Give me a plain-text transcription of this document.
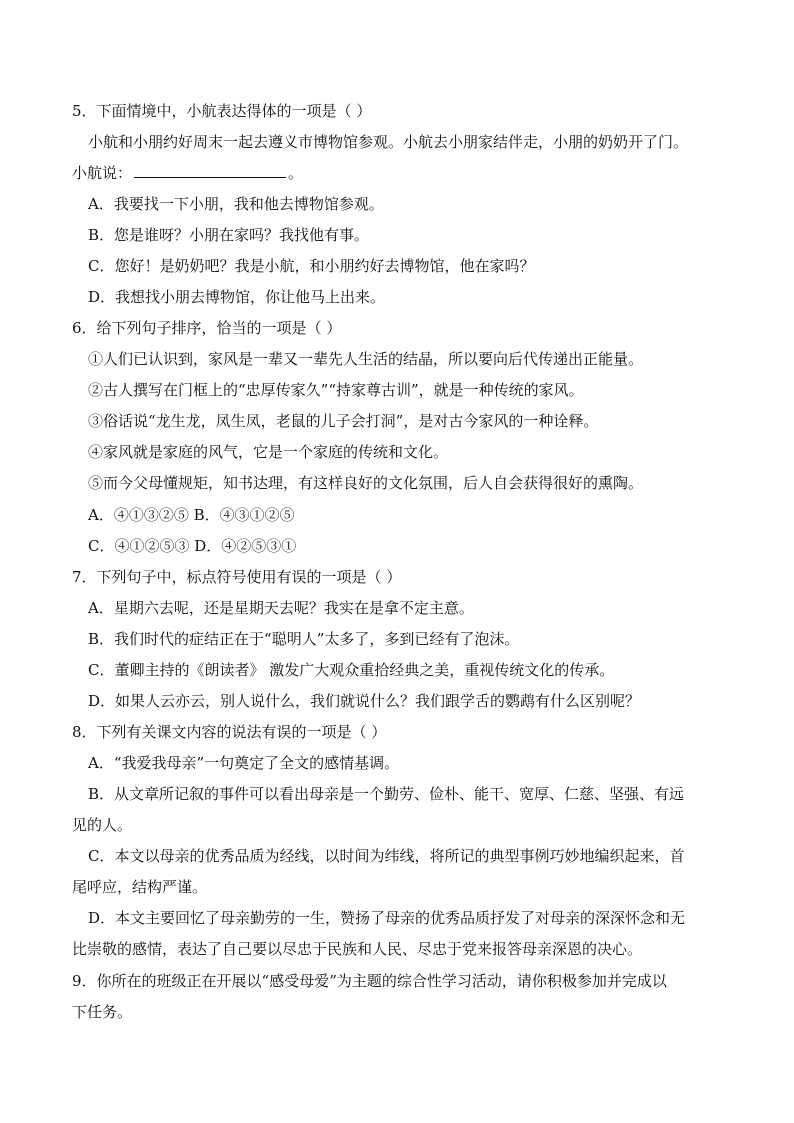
5．下面情境中，小航表达得体的一项是（ ）
小航和小朋约好周末一起去遵义市博物馆参观。小航去小朋家结伴走，小朋的奶奶开了门。
小航说：	。
A．我要找一下小朋，我和他去博物馆参观。
B．您是谁呀？小朋在家吗？我找他有事。
C．您好！是奶奶吧？我是小航，和小朋约好去博物馆，他在家吗？
D．我想找小朋去博物馆，你让他马上出来。
6．给下列句子排序，恰当的一项是（ ）
①人们已认识到，家风是一辈又一辈先人生活的结晶，所以要向后代传递出正能量。
②古人撰写在门框上的“忠厚传家久”“持家尊古训”，就是一种传统的家风。
③俗话说“龙生龙，凤生凤，老鼠的儿子会打洞”，是对古今家风的一种诠释。
④家风就是家庭的风气，它是一个家庭的传统和文化。
⑤而今父母懂规矩，知书达理，有这样良好的文化氛围，后人自会获得很好的熏陶。
A．④①③②⑤ B．④③①②⑤
C．④①②⑤③ D．④②⑤③①
7．下列句子中，标点符号使用有误的一项是（ ）
A．星期六去呢，还是星期天去呢？我实在是拿不定主意。
B．我们时代的症结正在于“聪明人”太多了，多到已经有了泡沫。
C．董卿主持的《朗读者》 激发广大观众重拾经典之美，重视传统文化的传承。
D．如果人云亦云，别人说什么，我们就说什么？我们跟学舌的鹦鹉有什么区别呢？
8．下列有关课文内容的说法有误的一项是（ ）
A．“我爱我母亲”一句奠定了全文的感情基调。
B．从文章所记叙的事件可以看出母亲是一个勤劳、俭朴、能干、宽厚、仁慈、坚强、有远
见的人。
C．本文以母亲的优秀品质为经线，以时间为纬线，将所记的典型事例巧妙地编织起来，首
尾呼应，结构严谨。
D．本文主要回忆了母亲勤劳的一生，赞扬了母亲的优秀品质抒发了对母亲的深深怀念和无
比崇敬的感情，表达了自己要以尽忠于民族和人民、尽忠于党来报答母亲深恩的决心。
9．你所在的班级正在开展以“感受母爱”为主题的综合性学习活动，请你积极参加并完成以
下任务。
